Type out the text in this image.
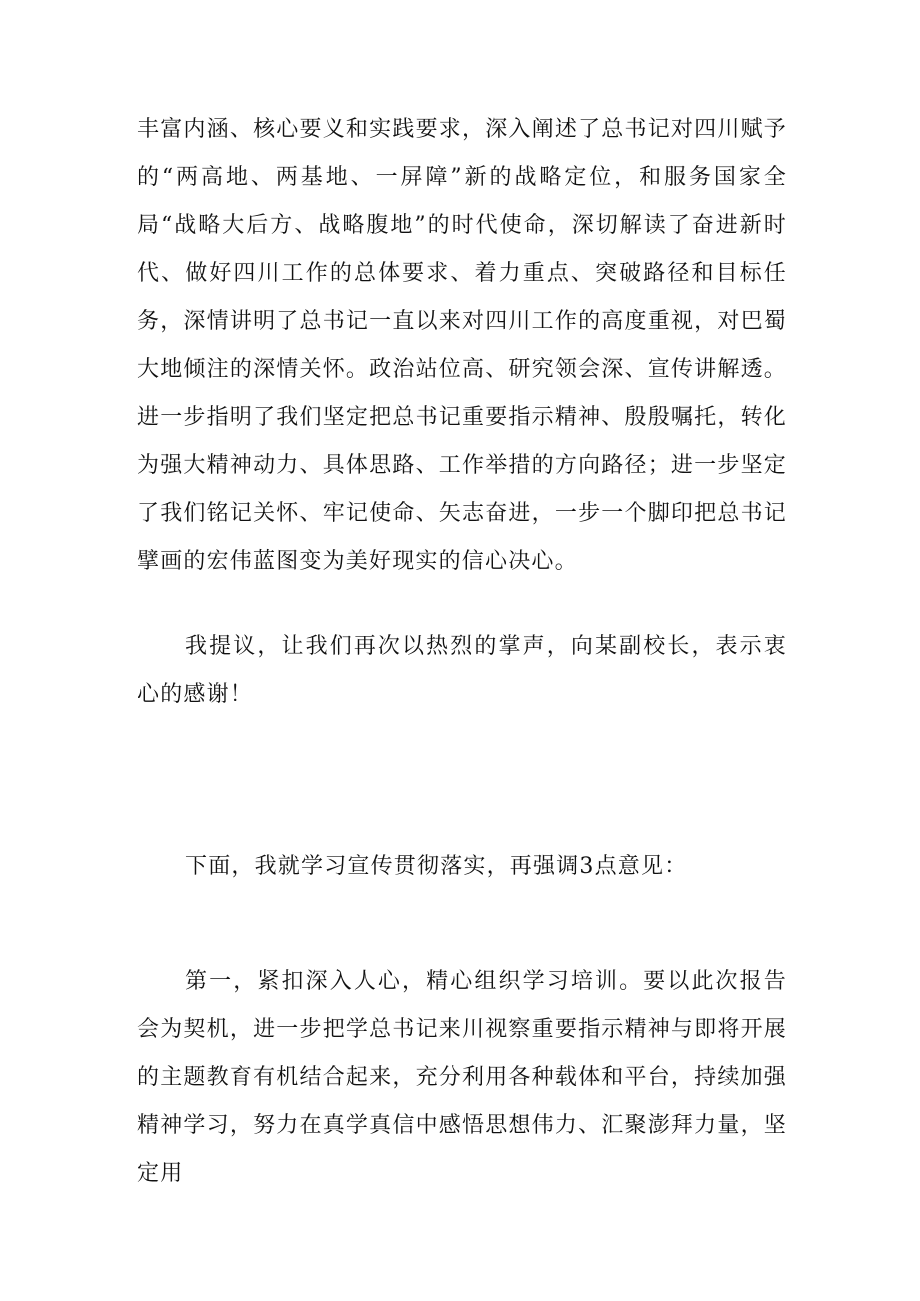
丰富内涵、核心要义和实践要求，深入阐述了总书记对四川赋予的“两高地、两基地、一屏障”新的战略定位，和服务国家全局“战略大后方、战略腹地”的时代使命，深切解读了奋进新时代、做好四川工作的总体要求、着力重点、突破路径和目标任务，深情讲明了总书记一直以来对四川工作的高度重视，对巴蜀大地倾注的深情关怀。政治站位高、研究领会深、宣传讲解透。进一步指明了我们坚定把总书记重要指示精神、殷殷嘱托，转化为强大精神动力、具体思路、工作举措的方向路径；进一步坚定了我们铭记关怀、牢记使命、矢志奋进，一步一个脚印把总书记擘画的宏伟蓝图变为美好现实的信心决心。

我提议，让我们再次以热烈的掌声，向某副校长，表示衷心的感谢！

下面，我就学习宣传贯彻落实，再强调3点意见：

第一，紧扣深入人心，精心组织学习培训。要以此次报告会为契机，进一步把学总书记来川视察重要指示精神与即将开展的主题教育有机结合起来，充分利用各种载体和平台，持续加强精神学习，努力在真学真信中感悟思想伟力、汇聚澎拜力量，坚定用
